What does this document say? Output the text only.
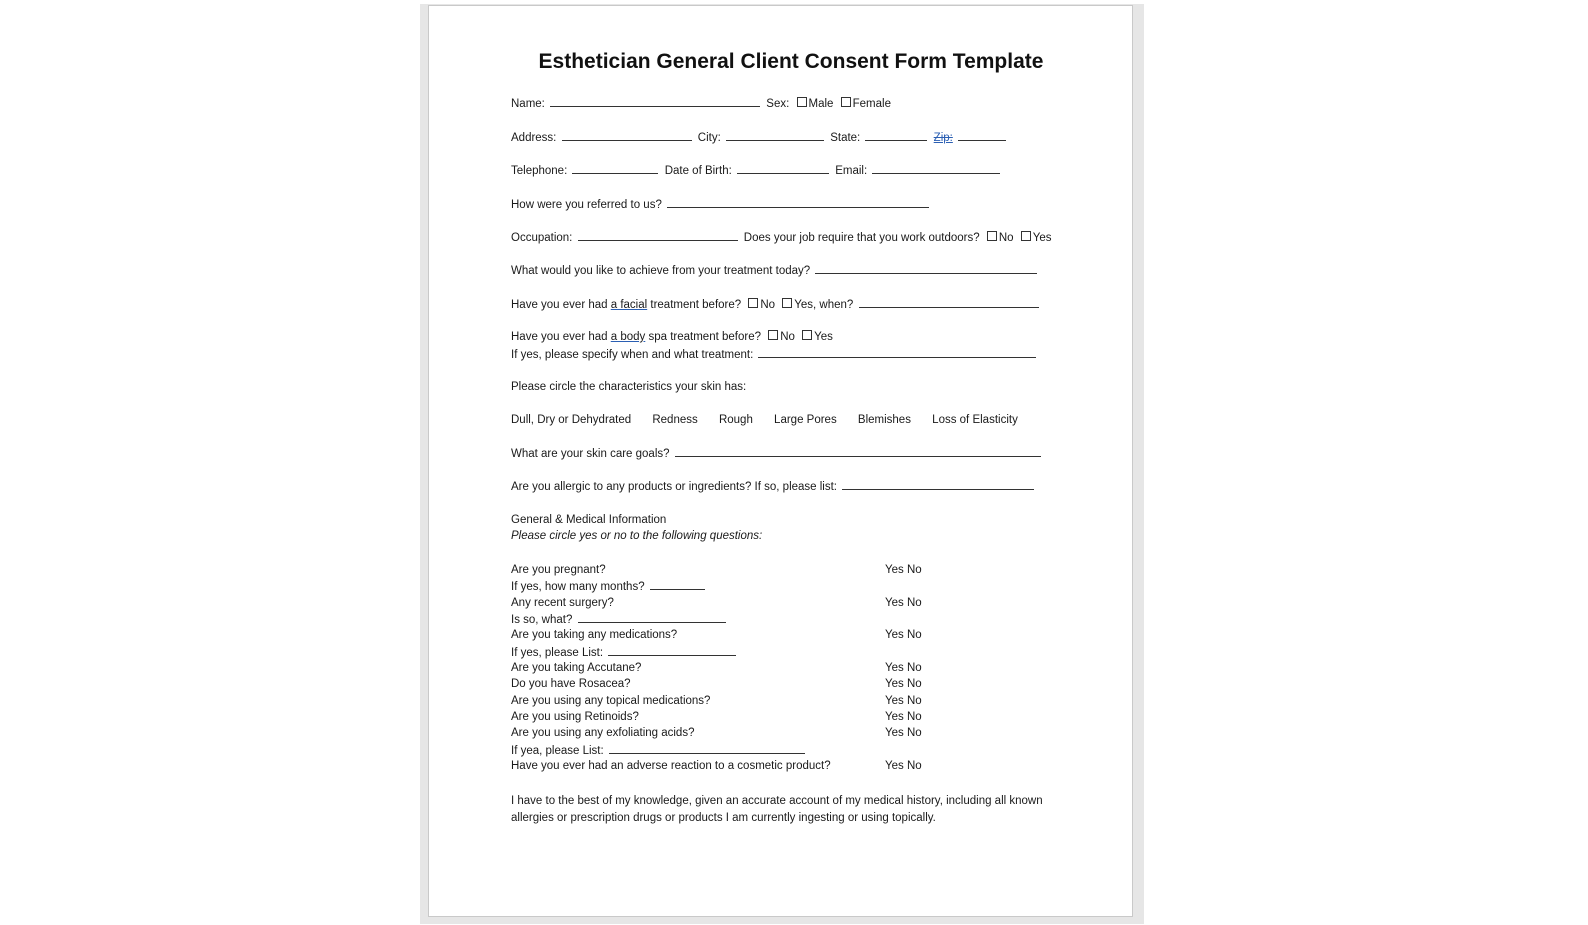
Esthetician General Client Consent Form Template
Name:	Sex: Male Female
Address:	City:	State:	Zip:
Telephone:	Date of Birth:	Email:
How were you referred to us?
Occupation:	Does your job require that you work outdoors? No Yes
What would you like to achieve from your treatment today?
Have you ever had a facial treatment before? No Yes, when?
Have you ever had a body spa treatment before? No Yes
If yes, please specify when and what treatment:
Please circle the characteristics your skin has:
Dull, Dry or Dehydrated Redness Rough Large Pores Blemishes Loss of Elasticity
What are your skin care goals?
Are you allergic to any products or ingredients? If so, please list:
General & Medical Information
Please circle yes or no to the following questions:
Are you pregnant?	Yes No
If yes, how many months?
Any recent surgery?	Yes No
Is so, what?
Are you taking any medications?	Yes No
If yes, please List:
Are you taking Accutane?	Yes No
Do you have Rosacea?	Yes No
Are you using any topical medications?	Yes No
Are you using Retinoids?	Yes No
Are you using any exfoliating acids?	Yes No
If yea, please List:
Have you ever had an adverse reaction to a cosmetic product?	Yes No
I have to the best of my knowledge, given an accurate account of my medical history, including all known
allergies or prescription drugs or products I am currently ingesting or using topically.
